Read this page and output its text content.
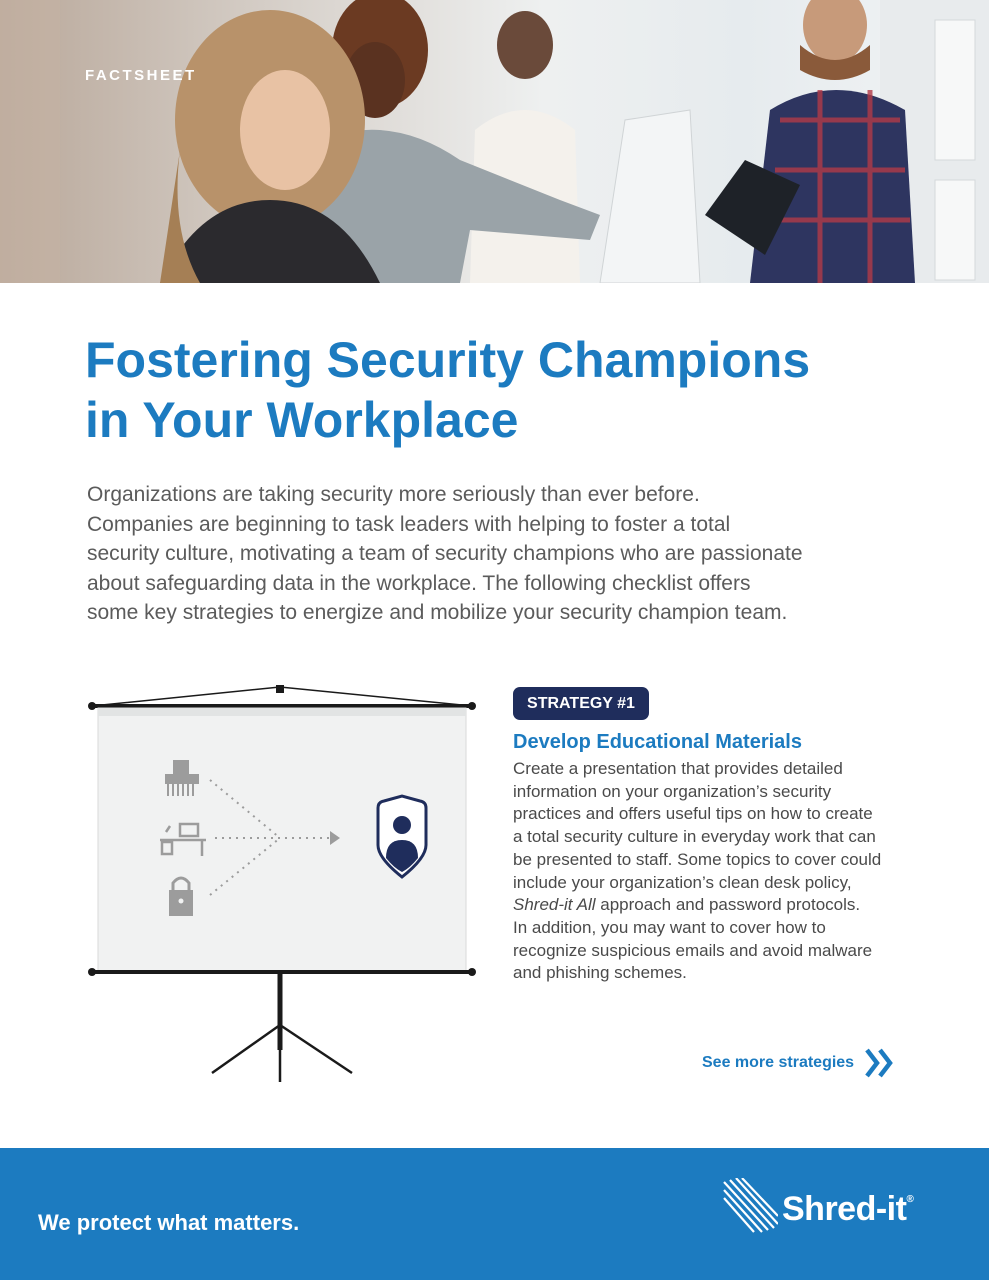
FACTSHEET
Fostering Security Champions
in Your Workplace

Organizations are taking security more seriously than ever before.
Companies are beginning to task leaders with helping to foster a total
security culture, motivating a team of security champions who are passionate
about safeguarding data in the workplace. The following checklist offers
some key strategies to energize and mobilize your security champion team.

STRATEGY #1
Develop Educational Materials

Create a presentation that provides detailed
information on your organization’s security
practices and offers useful tips on how to create
a total security culture in everyday work that can
be presented to staff. Some topics to cover could
include your organization’s clean desk policy,
Shred-it All approach and password protocols.
In addition, you may want to cover how to
recognize suspicious emails and avoid malware
and phishing schemes.

See more strategies
We protect what matters.	Shred-it®
